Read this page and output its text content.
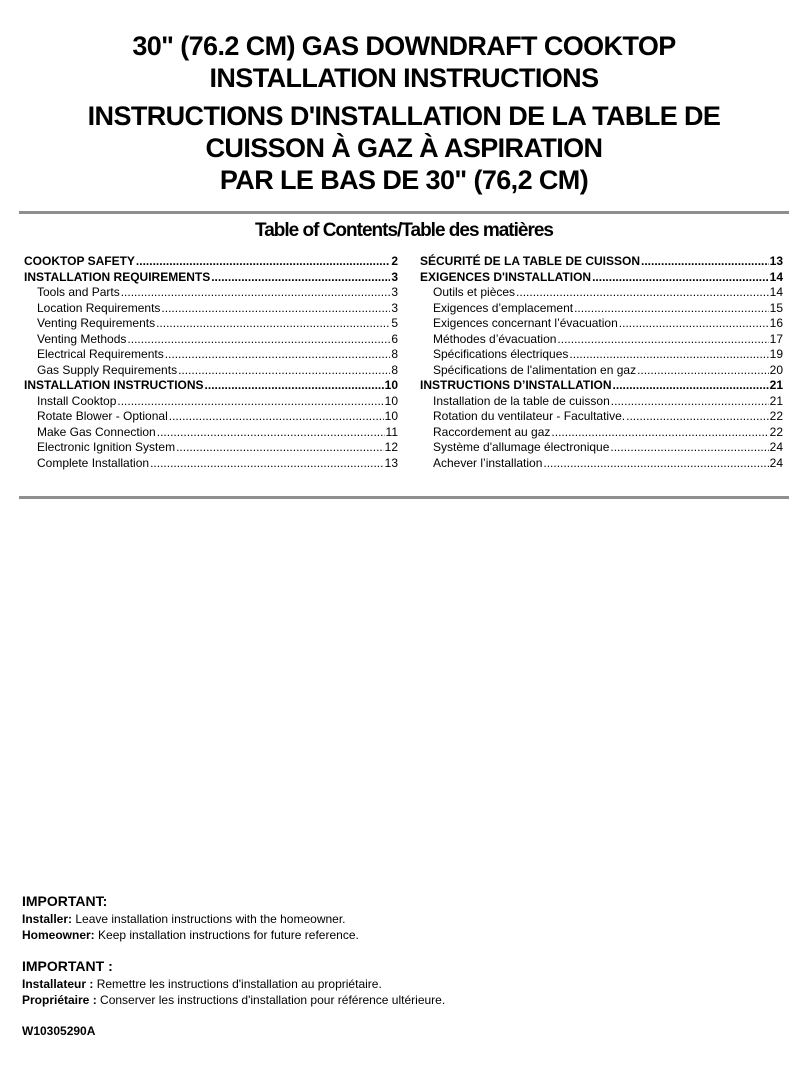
30" (76.2 CM) GAS DOWNDRAFT COOKTOP
INSTALLATION INSTRUCTIONS
INSTRUCTIONS D'INSTALLATION DE LA TABLE DE
CUISSON À GAZ À ASPIRATION
PAR LE BAS DE 30" (76,2 CM)
Table of Contents/Table des matières
COOKTOP SAFETY .....	2
INSTALLATION REQUIREMENTS .....	3
Tools and Parts .....	3
Location Requirements .....	3
Venting Requirements .....	5
Venting Methods .....	6
Electrical Requirements .....	8
Gas Supply Requirements .....	8
INSTALLATION INSTRUCTIONS .....	10
Install Cooktop .....	10
Rotate Blower - Optional .....	10
Make Gas Connection .....	11
Electronic Ignition System .....	12
Complete Installation .....	13
SÉCURITÉ DE LA TABLE DE CUISSON .....	13
EXIGENCES D'INSTALLATION .....	14
Outils et pièces .....	14
Exigences d’emplacement .....	15
Exigences concernant l’évacuation .....	16
Méthodes d’évacuation .....	17
Spécifications électriques .....	19
Spécifications de l'alimentation en gaz .....	20
INSTRUCTIONS D’INSTALLATION .....	21
Installation de la table de cuisson .....	21
Rotation du ventilateur - Facultative. .....	22
Raccordement au gaz .....	22
Système d'allumage électronique .....	24
Achever l’installation .....	24
IMPORTANT:
Installer: Leave installation instructions with the homeowner.
Homeowner: Keep installation instructions for future reference.
IMPORTANT :
Installateur : Remettre les instructions d'installation au propriétaire.
Propriétaire : Conserver les instructions d'installation pour référence ultérieure.
W10305290A
